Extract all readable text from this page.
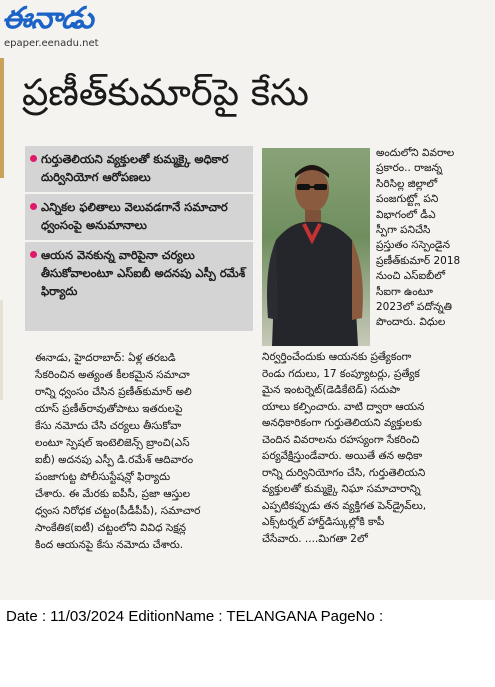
ఈనాడు
epaper.eenadu.net
ప్రణీత్‌కుమార్‌పై కేసు
గుర్తుతెలియని వ్యక్తులతో కుమ్మక్కై అధికార దుర్వినియోగ ఆరోపణలు
ఎన్నికల ఫలితాలు వెలువడగానే సమాచార ధ్వంసంపై అనుమానాలు
ఆయన వెనకున్న వారిపైనా చర్యలు తీసుకోవాలంటూ ఎస్‌ఐబీ అదనపు ఎస్పీ రమేశ్ ఫిర్యాదు
అందులోని వివరాల
ప్రకారం.. రాజన్న
సిరిసిల్ల జిల్లాలో
పంజగుట్ట్లో పని
విభాగంలో డీఎ
స్పీగా పనిచేసి
ప్రస్తుతం సస్పెండైన
ప్రణీత్‌కుమార్ 2018
నుంచి ఎస్‌ఐబీలో
సీఐగా ఉంటూ
2023లో పదోన్నతి
పొందారు. విధుల
ఈనాడు, హైదరాబాద్: ఏళ్ల తరబడి
సేకరించిన అత్యంత కీలకమైన సమాచా
రాన్ని ధ్వంసం చేసిన ప్రణీత్‌కుమార్ అలి
యాస్ ప్రణీత్‌రావుతోపాటు ఇతరులపై
కేసు నమోదు చేసి చర్యలు తీసుకోవా
లంటూ స్పెషల్ ఇంటెలిజెన్స్ బ్రాంచి(ఎస్
ఐబీ) అదనపు ఎస్పీ డి.రమేశ్ ఆదివారం
పంజాగుట్ట పోలీసుస్టేషన్లో ఫిర్యాదు
చేశారు. ఈ మేరకు ఐపీసీ, ప్రజా ఆస్తుల
ధ్వంస నిరోధక చట్టం(పీడీపీపీ), సమాచార
సాంకేతిక(ఐటీ) చట్టంలోని వివిధ సెక్షన్ల
కింద ఆయనపై కేసు నమోదు చేశారు.
నిర్వర్తించేందుకు ఆయనకు ప్రత్యేకంగా
రెండు గదులు, 17 కంప్యూటర్లు, ప్రత్యేక
మైన ఇంటర్నెట్(డెడికేటెడ్) సదుపా
యాలు కల్పించారు. వాటి ద్వారా ఆయన
అనధికారికంగా గుర్తుతెలియని వ్యక్తులకు
చెందిన వివరాలను రహస్యంగా సేకరించి
పర్యవేక్షిస్తుండేవారు. అయితే తన అధికా
రాన్ని దుర్వినియోగం చేసి, గుర్తుతెలియని
వ్యక్తులతో కుమ్మక్కై నిఘా సమాచారాన్ని
ఎప్పటికప్పుడు తన వ్యక్తిగత పెన్‌డ్రైవ్‌లు,
ఎక్స్‌టర్నల్ హార్డ్‌డిస్కుల్లోకి కాపీ
చేసేవారు. ....మిగతా 2లో
Date : 11/03/2024 EditionName : TELANGANA PageNo :
